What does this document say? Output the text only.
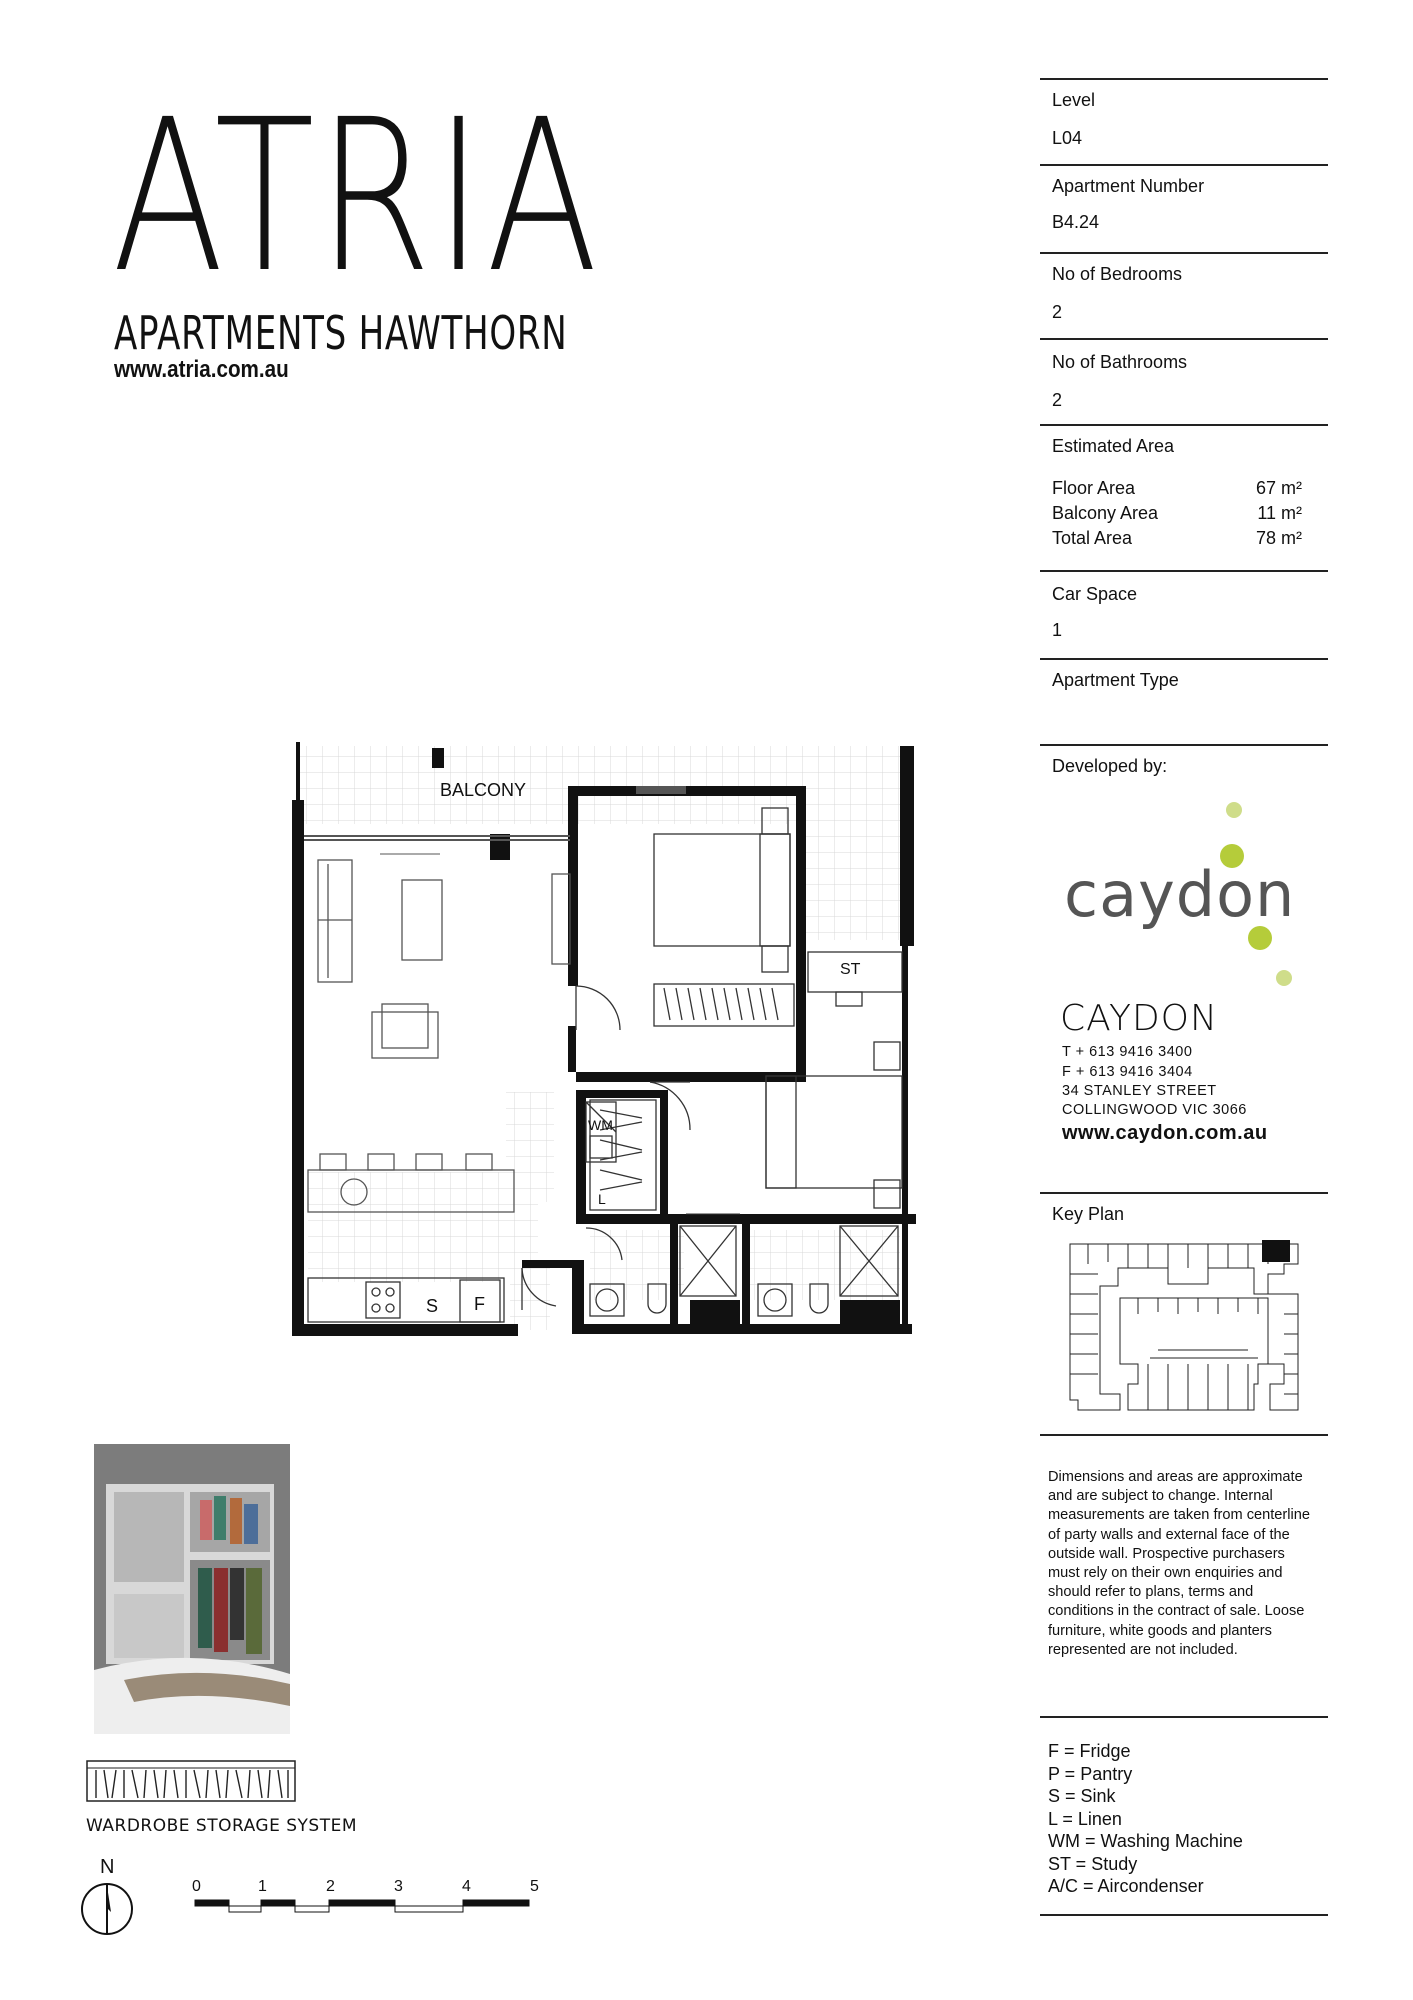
ATRIA
APARTMENTS HAWTHORN
www.atria.com.au
Level
L04
Apartment Number
B4.24
No of Bedrooms
2
No of Bathrooms
2
Estimated Area
Floor Area	67 m²
Balcony Area	11 m²
Total Area	78 m²
Car Space
1
Apartment Type
Developed by:
caydon
CAYDON
T + 613 9416 3400
F + 613 9416 3404
34 STANLEY STREET
COLLINGWOOD VIC 3066
www.caydon.com.au
Key Plan
Dimensions and areas are approximate and are subject to change. Internal measurements are taken from centerline of party walls and external face of the outside wall. Prospective purchasers must rely on their own enquiries and should refer to plans, terms and conditions in the contract of sale. Loose furniture, white goods and planters represented are not included.
F = Fridge
P = Pantry
S = Sink
L = Linen
WM = Washing Machine
ST = Study
A/C = Aircondenser
BALCONY
S F
ST
WM
L
WARDROBE STORAGE SYSTEM
N
0	1	2	3	4	5
